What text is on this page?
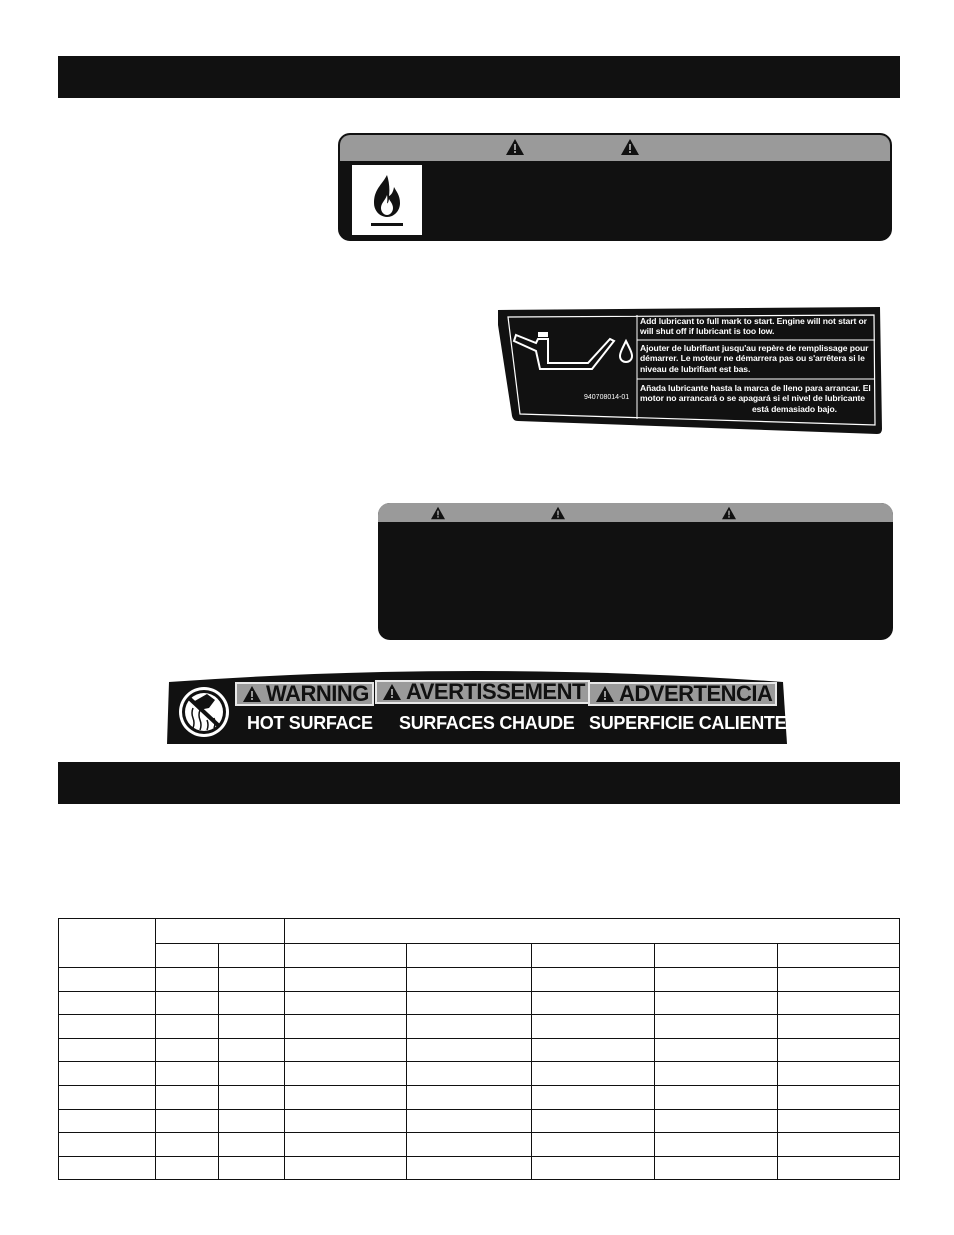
Add lubricant to full mark to start. Engine will not start or will shut off if lubricant is too low.
Ajouter de lubrifiant jusqu'au repère de remplissage pour démarrer. Le moteur ne démarrera pas ou s'arrêtera si le niveau de lubrifiant est bas.
Añada lubricante hasta la marca de lleno para arrancar. El motor no arrancará o se apagará si el nivel de lubricante
está demasiado bajo.
940708014-01
WARNING AVERTISSEMENT ADVERTENCIA
HOT SURFACE SURFACES CHAUDE SUPERFICIE CALIENTE
